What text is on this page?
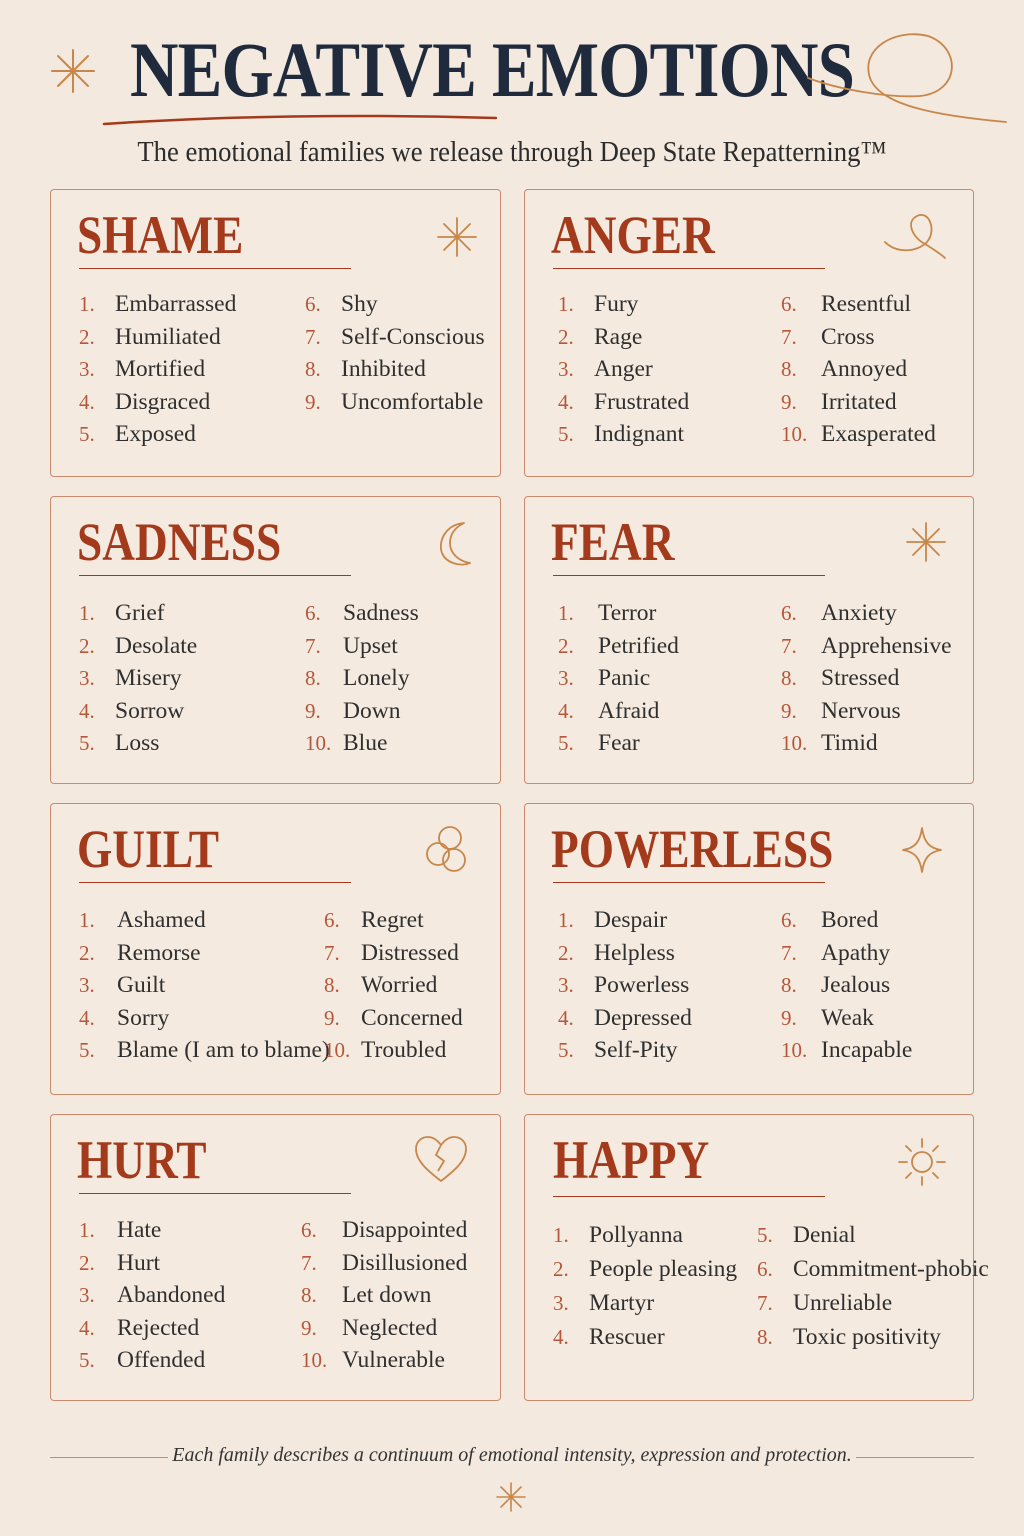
NEGATIVE EMOTIONS
The emotional families we release through Deep State Repatterning™
SHAME
1. Embarrassed
2. Humiliated
3. Mortified
4. Disgraced
5. Exposed
6. Shy
7. Self-Conscious
8. Inhibited
9. Uncomfortable
ANGER
1. Fury
2. Rage
3. Anger
4. Frustrated
5. Indignant
6. Resentful
7. Cross
8. Annoyed
9. Irritated
10. Exasperated
SADNESS
1. Grief
2. Desolate
3. Misery
4. Sorrow
5. Loss
6. Sadness
7. Upset
8. Lonely
9. Down
10. Blue
FEAR
1. Terror
2. Petrified
3. Panic
4. Afraid
5. Fear
6. Anxiety
7. Apprehensive
8. Stressed
9. Nervous
10. Timid
GUILT
1. Ashamed
2. Remorse
3. Guilt
4. Sorry
5. Blame (I am to blame)
6. Regret
7. Distressed
8. Worried
9. Concerned
10. Troubled
POWERLESS
1. Despair
2. Helpless
3. Powerless
4. Depressed
5. Self-Pity
6. Bored
7. Apathy
8. Jealous
9. Weak
10. Incapable
HURT
1. Hate
2. Hurt
3. Abandoned
4. Rejected
5. Offended
6. Disappointed
7. Disillusioned
8. Let down
9. Neglected
10. Vulnerable
HAPPY
1. Pollyanna
2. People pleasing
3. Martyr
4. Rescuer
5. Denial
6. Commitment-phobic
7. Unreliable
8. Toxic positivity
Each family describes a continuum of emotional intensity, expression and protection.
